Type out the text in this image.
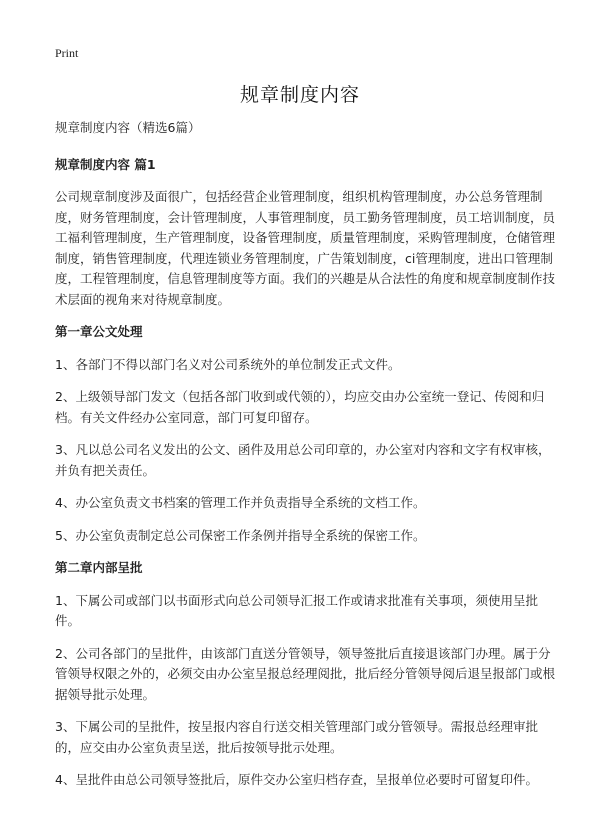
Print
规章制度内容

规章制度内容（精选6篇）

规章制度内容 篇1

公司规章制度涉及面很广，包括经营企业管理制度，组织机构管理制度，办公总务管理制度，财务管理制度，会计管理制度，人事管理制度，员工勤务管理制度，员工培训制度，员工福利管理制度，生产管理制度，设备管理制度，质量管理制度，采购管理制度，仓储管理制度，销售管理制度，代理连锁业务管理制度，广告策划制度，ci管理制度，进出口管理制度，工程管理制度，信息管理制度等方面。我们的兴趣是从合法性的角度和规章制度制作技术层面的视角来对待规章制度。

第一章公文处理

1、各部门不得以部门名义对公司系统外的单位制发正式文件。

2、上级领导部门发文（包括各部门收到或代领的），均应交由办公室统一登记、传阅和归档。有关文件经办公室同意，部门可复印留存。

3、凡以总公司名义发出的公文、函件及用总公司印章的，办公室对内容和文字有权审核，并负有把关责任。

4、办公室负责文书档案的管理工作并负责指导全系统的文档工作。

5、办公室负责制定总公司保密工作条例并指导全系统的保密工作。

第二章内部呈批

1、下属公司或部门以书面形式向总公司领导汇报工作或请求批准有关事项，须使用呈批件。

2、公司各部门的呈批件，由该部门直送分管领导，领导签批后直接退该部门办理。属于分管领导权限之外的，必须交由办公室呈报总经理阅批，批后经分管领导阅后退呈报部门或根据领导批示处理。

3、下属公司的呈批件，按呈报内容自行送交相关管理部门或分管领导。需报总经理审批的，应交由办公室负责呈送，批后按领导批示处理。

4、呈批件由总公司领导签批后，原件交办公室归档存查，呈报单位必要时可留复印件。
